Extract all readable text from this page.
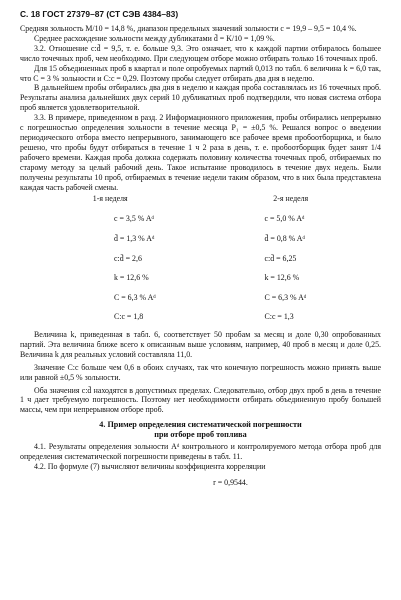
С. 18 ГОСТ 27379–87 (СТ СЭВ 4384–83)

Средняя зольность М/10 = 14,8 %, диапазон предельных значений зольности с = 19,9 – 9,5 = 10,4 %.

Среднее расхождение зольности между дубликатами d̄ = K/10 = 1,09 %.

3.2. Отношение c:d̄ = 9,5, т. е. больше 9,3. Это означает, что к каждой партии отбиралось большее число точечных проб, чем необходимо. При следующем отборе можно отбирать только 16 точечных проб.

Для 15 объединенных проб в квартал и поле опробуемых партий 0,013 по табл. 6 величина k = 6,0 так, что C = 3 % зольности и C:c = 0,29. Поэтому пробы следует отбирать два дня в неделю.

В дальнейшем пробы отбирались два дня в неделю и каждая проба составлялась из 16 точечных проб. Результаты анализа дальнейших двух серий 10 дубликатных проб подтвердили, что новая система отбора проб является удовлетворительной.

3.3. В примере, приведенном в разд. 2 Информационного приложения, пробы отбирались непрерывно с погрешностью определения зольности в течение месяца P₁ = ±0,5 %. Решался вопрос о введении периодического отбора вместо непрерывного, занимающего все рабочее время пробоотборщика, и было решено, что пробы будут отбираться в течение 1 ч 2 раза в день, т. е. пробоотборщик будет занят 1/4 рабочего времени. Каждая проба должна содержать половину количества точечных проб, отбираемых по старому методу за целый рабочий день. Такое испытание проводилось в течение двух недель. Были получены результаты 10 проб, отбираемых в течение недели таким образом, что в них была представлена каждая часть рабочей смены.

1-я неделя
c = 3,5 % Aᵈ
d̄ = 1,3 % Aᵈ
c:d̄ = 2,6
k = 12,6 %
C = 6,3 % Aᵈ
C:c = 1,8
2-я неделя
c = 5,0 % Aᵈ
d̄ = 0,8 % Aᵈ
c:d̄ = 6,25
k = 12,6 %
C = 6,3 % Aᵈ
C:c = 1,3

Величина k, приведенная в табл. 6, соответствует 50 пробам за месяц и доле 0,30 опробованных партий. Эта величина ближе всего к описанным выше условиям, например, 40 проб в месяц и доле 0,25. Величина k для реальных условий составляла 11,0.

Значение C:c больше чем 0,6 в обоих случаях, так что конечную погрешность можно принять выше или равной ±0,5 % зольности.

Оба значения c:d̄ находятся в допустимых пределах. Следовательно, отбор двух проб в день в течение 1 ч дает требуемую погрешность. Поэтому нет необходимости отбирать объединенную пробу большей массы, чем при непрерывном отборе проб.

4. Пример определения систематической погрешности
при отборе проб топлива

4.1. Результаты определения зольности Aᵈ контрольного и контролируемого метода отбора проб для определения систематической погрешности приведены в табл. 11.

4.2. По формуле (7) вычисляют величины коэффициента корреляции

r = 0,9544.
